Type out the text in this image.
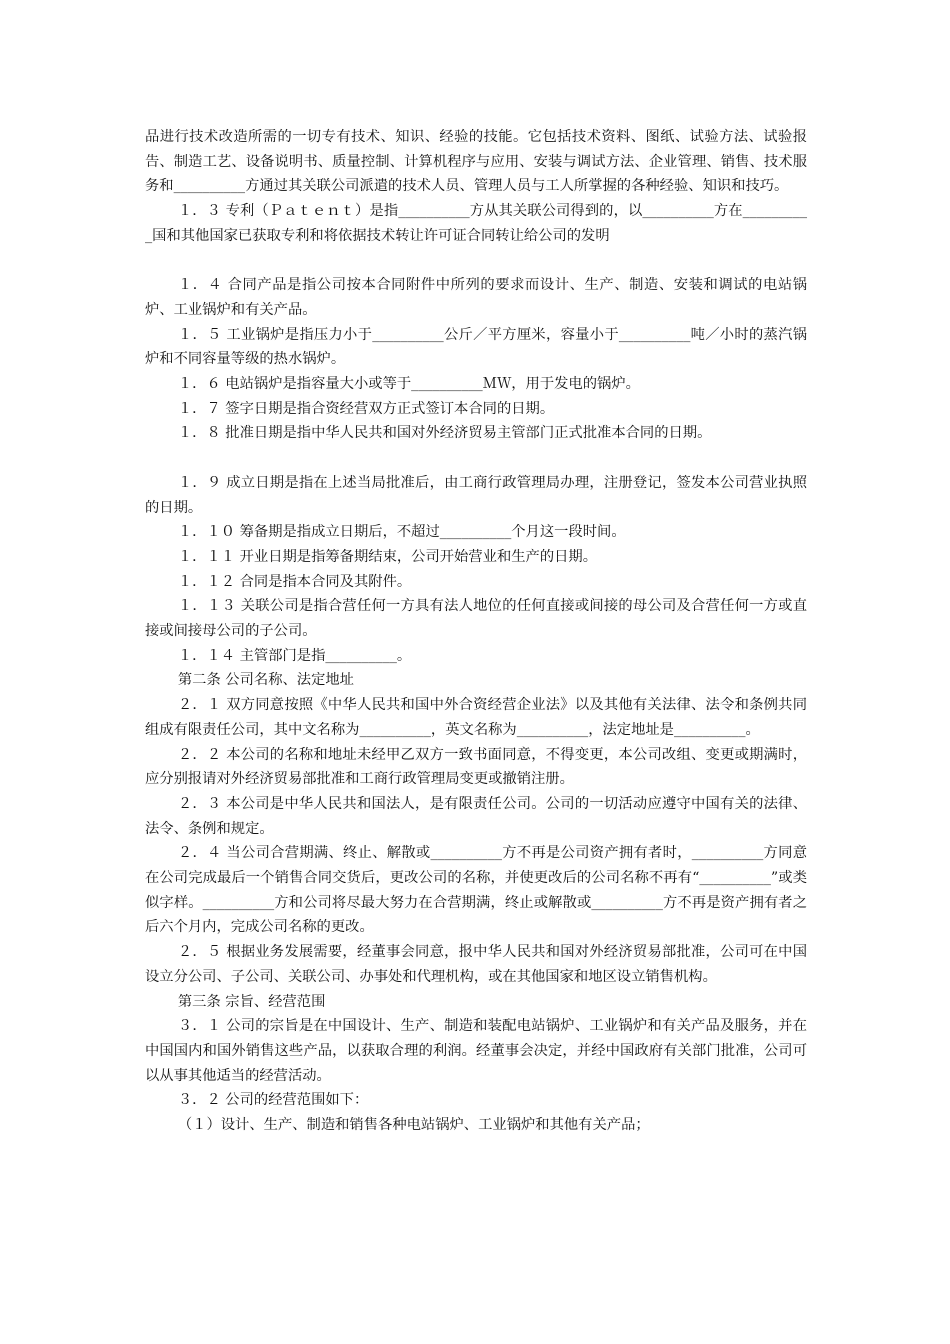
品进行技术改造所需的一切专有技术、知识、经验的技能。它包括技术资料、图纸、试验方法、试验报告、制造工艺、设备说明书、质量控制、计算机程序与应用、安装与调试方法、企业管理、销售、技术服务和__________方通过其关联公司派遣的技术人员、管理人员与工人所掌握的各种经验、知识和技巧。

１．３ 专利（Ｐａｔｅｎｔ）是指__________方从其关联公司得到的，以__________方在__________国和其他国家已获取专利和将依据技术转让许可证合同转让给公司的发明

１．４ 合同产品是指公司按本合同附件中所列的要求而设计、生产、制造、安装和调试的电站锅炉、工业锅炉和有关产品。

１．５ 工业锅炉是指压力小于__________公斤／平方厘米，容量小于__________吨／小时的蒸汽锅炉和不同容量等级的热水锅炉。

１．６ 电站锅炉是指容量大小或等于__________ＭＷ，用于发电的锅炉。

１．７ 签字日期是指合资经营双方正式签订本合同的日期。

１．８ 批准日期是指中华人民共和国对外经济贸易主管部门正式批准本合同的日期。

１．９ 成立日期是指在上述当局批准后，由工商行政管理局办理，注册登记，签发本公司营业执照的日期。

１．１０ 筹备期是指成立日期后，不超过__________个月这一段时间。

１．１１ 开业日期是指筹备期结束，公司开始营业和生产的日期。

１．１２ 合同是指本合同及其附件。

１．１３ 关联公司是指合营任何一方具有法人地位的任何直接或间接的母公司及合营任何一方或直接或间接母公司的子公司。

１．１４ 主管部门是指__________。

第二条 公司名称、法定地址

２．１ 双方同意按照《中华人民共和国中外合资经营企业法》以及其他有关法律、法令和条例共同组成有限责任公司，其中文名称为__________，英文名称为__________，法定地址是__________。

２．２ 本公司的名称和地址未经甲乙双方一致书面同意，不得变更，本公司改组、变更或期满时，应分别报请对外经济贸易部批准和工商行政管理局变更或撤销注册。

２．３ 本公司是中华人民共和国法人，是有限责任公司。公司的一切活动应遵守中国有关的法律、法令、条例和规定。

２．４ 当公司合营期满、终止、解散或__________方不再是公司资产拥有者时，__________方同意在公司完成最后一个销售合同交货后，更改公司的名称，并使更改后的公司名称不再有“__________”或类似字样。__________方和公司将尽最大努力在合营期满，终止或解散或__________方不再是资产拥有者之后六个月内，完成公司名称的更改。

２．５ 根据业务发展需要，经董事会同意，报中华人民共和国对外经济贸易部批准，公司可在中国设立分公司、子公司、关联公司、办事处和代理机构，或在其他国家和地区设立销售机构。

第三条 宗旨、经营范围

３．１ 公司的宗旨是在中国设计、生产、制造和装配电站锅炉、工业锅炉和有关产品及服务，并在中国国内和国外销售这些产品，以获取合理的利润。经董事会决定，并经中国政府有关部门批准，公司可以从事其他适当的经营活动。

３．２ 公司的经营范围如下：

（１）设计、生产、制造和销售各种电站锅炉、工业锅炉和其他有关产品；
